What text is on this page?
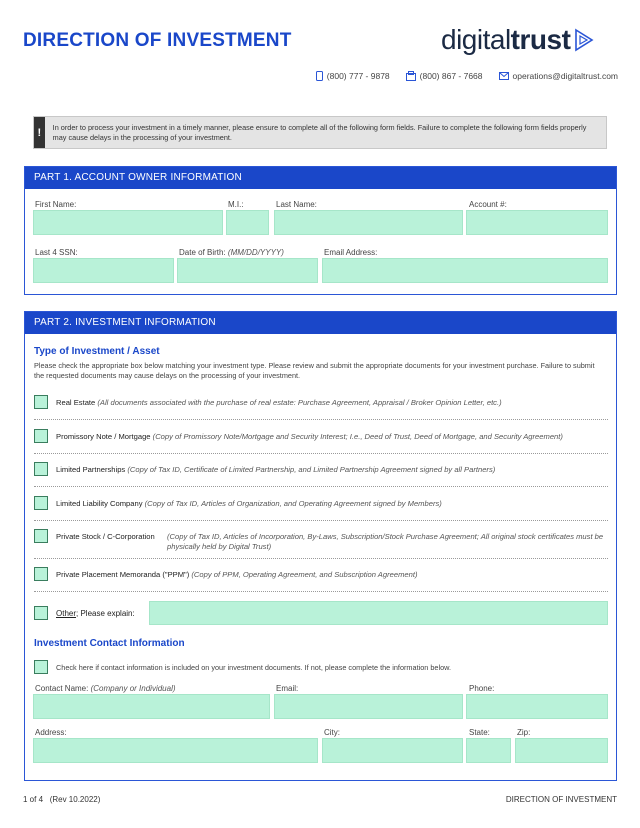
DIRECTION OF INVESTMENT	digital trust
(800) 777 - 9878	(800) 867 - 7668	operations@digitaltrust.com
!	In order to process your investment in a timely manner, please ensure to complete all of the following form fields. Failure to complete the following form fields properly may cause delays in the processing of your investment.
PART 1. ACCOUNT OWNER INFORMATION
First Name:	M.I.:	Last Name:	Account #:
Last 4 SSN:	Date of Birth: (MM/DD/YYYY)	Email Address:
PART 2. INVESTMENT INFORMATION
Type of Investment / Asset
Please check the appropriate box below matching your investment type. Please review and submit the appropriate documents for your investment purchase. Failure to submit the requested documents may cause delays on the processing of your investment.
Real Estate (All documents associated with the purchase of real estate: Purchase Agreement, Appraisal / Broker Opinion Letter, etc.)
Promissory Note / Mortgage (Copy of Promissory Note/Mortgage and Security Interest; I.e., Deed of Trust, Deed of Mortgage, and Security Agreement)
Limited Partnerships (Copy of Tax ID, Certificate of Limited Partnership, and Limited Partnership Agreement signed by all Partners)
Limited Liability Company (Copy of Tax ID, Articles of Organization, and Operating Agreement signed by Members)
Private Stock / C-Corporation (Copy of Tax ID, Articles of Incorporation, By-Laws, Subscription/Stock Purchase Agreement; All original stock certificates must be physically held by Digital Trust)
Private Placement Memoranda ("PPM") (Copy of PPM, Operating Agreement, and Subscription Agreement)
Other; Please explain:
Investment Contact Information
Check here if contact information is included on your investment documents. If not, please complete the information below.
Contact Name: (Company or Individual)	Email:	Phone:
Address:	City:	State:	Zip:
1 of 4 (Rev 10.2022)	DIRECTION OF INVESTMENT
